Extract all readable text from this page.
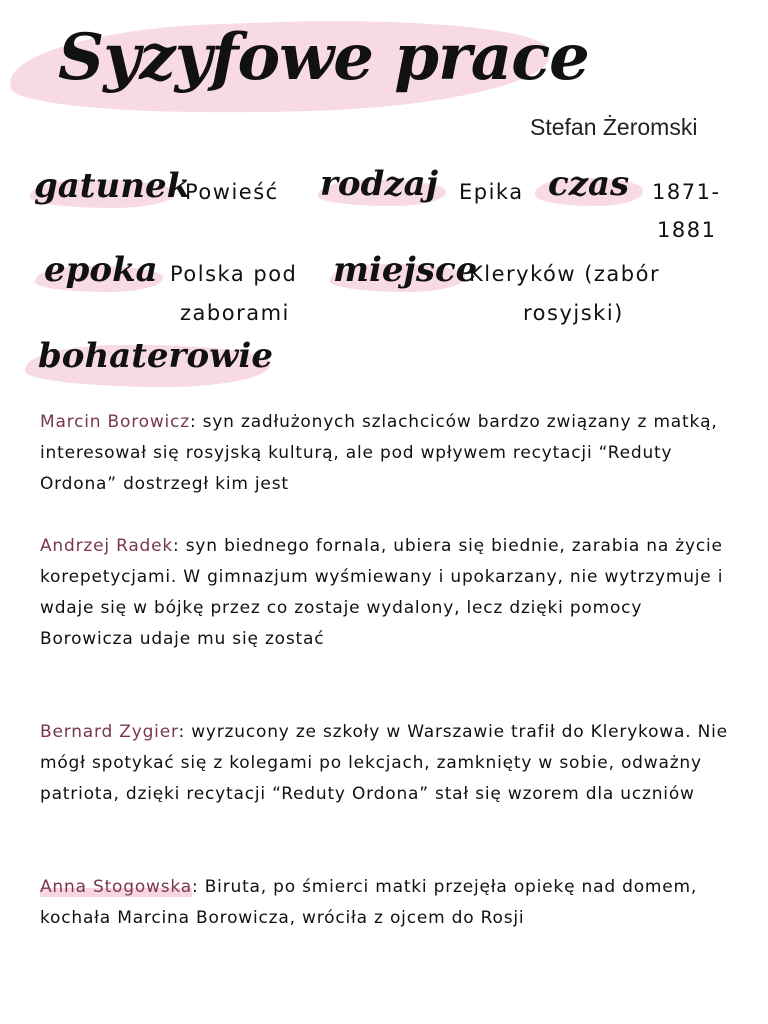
Syzyfowe prace
Stefan Żeromski
gatunek
Powieść rodzaj Epika czas 1871-
1881
epoka Polska pod
zaborami
miejsce
Kleryków (zabór
rosyjski)
bohaterowie
Marcin Borowicz: syn zadłużonych szlachciców bardzo związany z matką, interesował się rosyjską kulturą, ale pod wpływem recytacji “Reduty Ordona” dostrzegł kim jest
Andrzej Radek: syn biednego fornala, ubiera się biednie, zarabia na życie korepetycjami. W gimnazjum wyśmiewany i upokarzany, nie wytrzymuje i wdaje się w bójkę przez co zostaje wydalony, lecz dzięki pomocy Borowicza udaje mu się zostać
Bernard Zygier: wyrzucony ze szkoły w Warszawie trafił do Klerykowa. Nie mógł spotykać się z kolegami po lekcjach, zamknięty w sobie, odważny patriota, dzięki recytacji “Reduty Ordona” stał się wzorem dla uczniów
Anna Stogowska: Biruta, po śmierci matki przejęła opiekę nad domem, kochała Marcina Borowicza, wróciła z ojcem do Rosji
